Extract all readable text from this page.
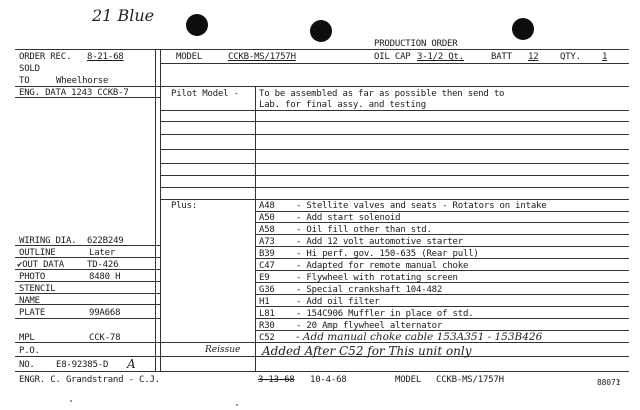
21 Blue
PRODUCTION ORDER
ORDER REC. 8-21-68	MODEL	CCKB-MS/1757H	OIL CAP 3-1/2 Qt.	BATT 12 QTY. 1
SOLD
TO	Wheelhorse
ENG. DATA 1243 CCKB-7
WIRING DIA. 622B249
OUTLINE	Later
✔OUT DATA	TD-426
PHOTO	8480 H
STENCIL
NAME
PLATE	99A668
MPL	CCK-78
P.O.
NO. E8-92385-D A
Pilot Model - To be assembled as far as possible then send to
Lab. for final assy. and testing
Plus:	A48 - Stellite valves and seats - Rotators on intake
A50 - Add start solenoid
A58 - Oil fill other than std.
A73 - Add 12 volt automotive starter
B39 - Hi perf. gov. 150-635 (Rear pull)
C47 - Adapted for remote manual choke
E9	- Flywheel with rotating screen
G36 - Special crankshaft 104-482
H1	- Add oil filter
L81 - 154C906 Muffler in place of std.
R30 - 20 Amp flywheel alternator
C52 - Add manual choke cable 153A351 - 153B426
Reissue Added After C52 for This unit only
ENGR. C. Grandstrand - C.J.	3-13-68 10-4-68	MODEL CCKB-MS/1757H	88071
